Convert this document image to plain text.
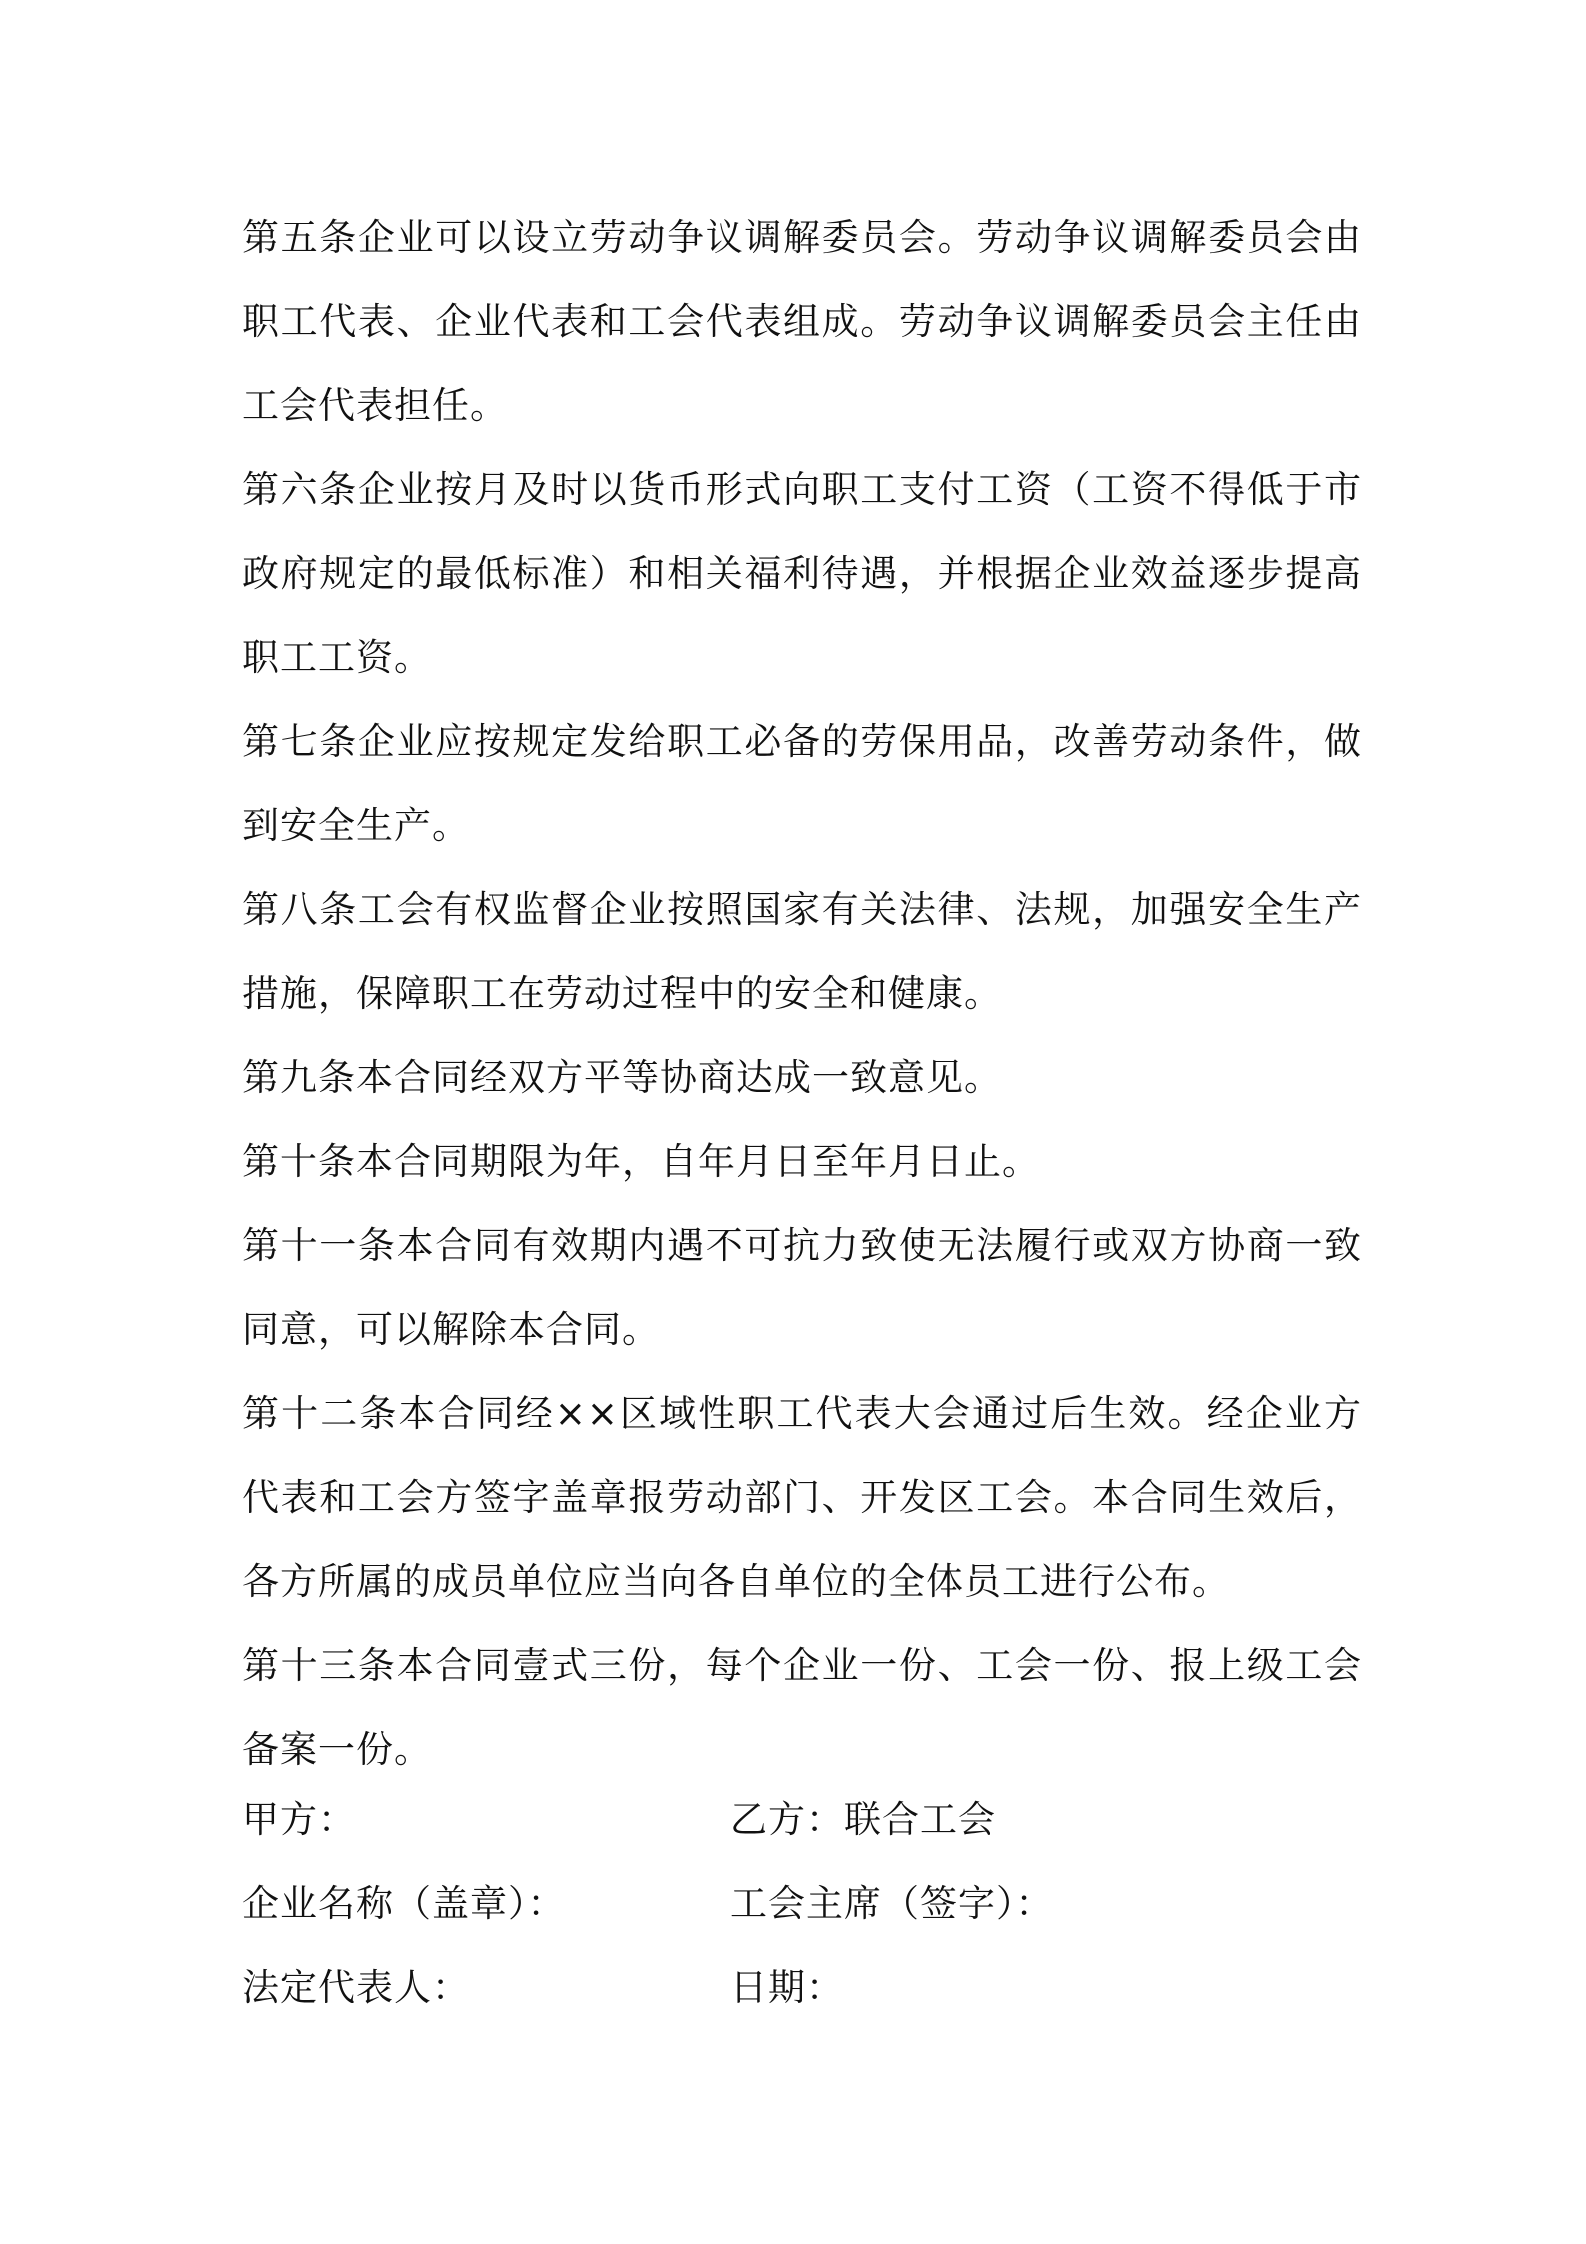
第五条企业可以设立劳动争议调解委员会。劳动争议调解委员会由职工代表、企业代表和工会代表组成。劳动争议调解委员会主任由工会代表担任。

第六条企业按月及时以货币形式向职工支付工资（工资不得低于市政府规定的最低标准）和相关福利待遇，并根据企业效益逐步提高职工工资。

第七条企业应按规定发给职工必备的劳保用品，改善劳动条件，做到安全生产。

第八条工会有权监督企业按照国家有关法律、法规，加强安全生产措施，保障职工在劳动过程中的安全和健康。

第九条本合同经双方平等协商达成一致意见。

第十条本合同期限为年，自年月日至年月日止。

第十一条本合同有效期内遇不可抗力致使无法履行或双方协商一致同意，可以解除本合同。

第十二条本合同经××区域性职工代表大会通过后生效。经企业方代表和工会方签字盖章报劳动部门、开发区工会。本合同生效后，各方所属的成员单位应当向各自单位的全体员工进行公布。

第十三条本合同壹式三份，每个企业一份、工会一份、报上级工会备案一份。

甲方：	乙方：联合工会
企业名称（盖章）：	工会主席（签字）：
法定代表人：	日期：
